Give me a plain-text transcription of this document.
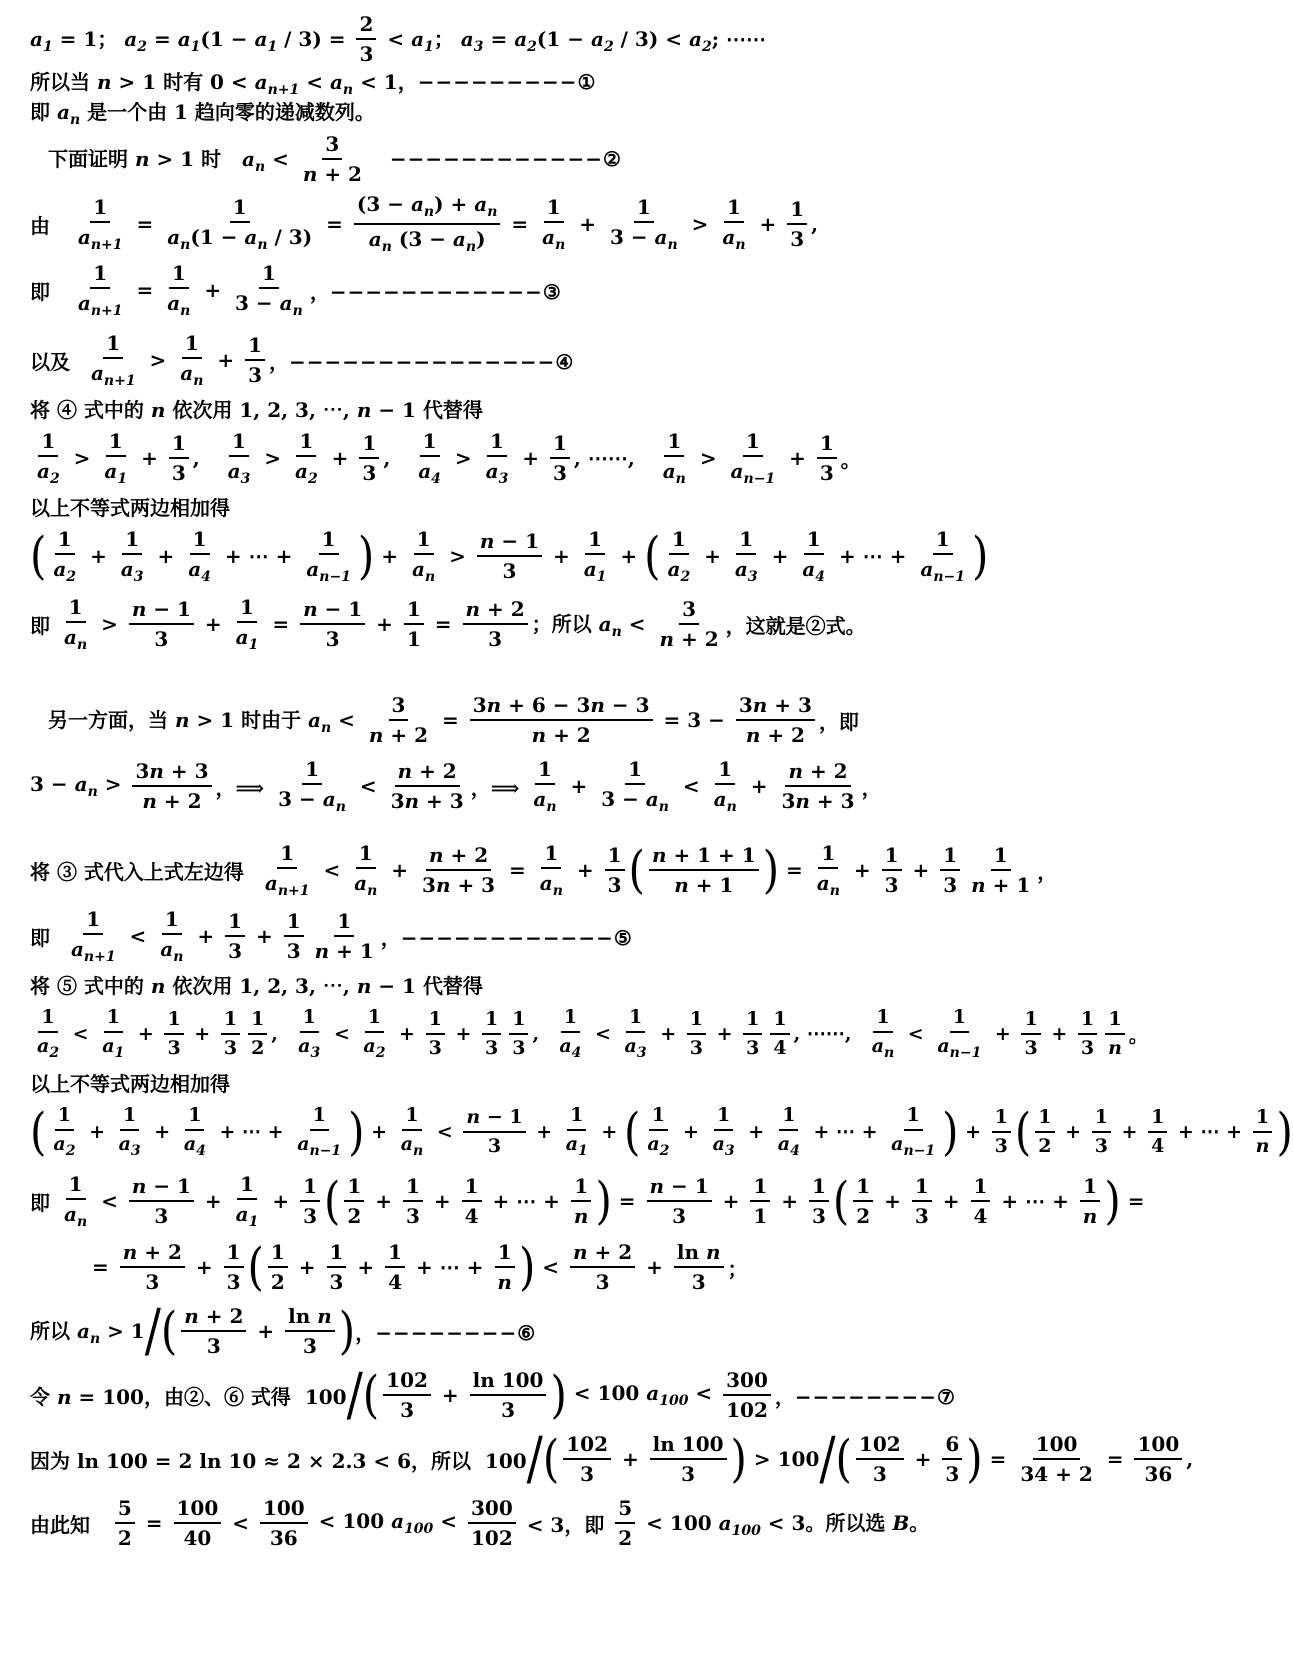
$a_1 = 1$； $a_2 = a_1(1 - a_1 / 3) = \frac{2}{3} < a_1$； $a_3 = a_2(1 - a_2 / 3) < a_2$; ⋯⋯
所以当 n > 1 时有 $0 < a_{n+1} < a_n < 1$，−−−−−−−−−①
即 $a_n$ 是一个由 1 趋向零的递减数列。
下面证明 n > 1 时   $a_n < \frac{3}{n + 2}$	−−−−−−−−−−−−②
由 $\frac{1}{a_{n+1}} = \frac{1}{a_n(1 - a_n / 3)} = \frac{(3 - a_n) + a_n}{a_n (3 - a_n)} = \frac{1}{a_n} + \frac{1}{3 - a_n} > \frac{1}{a_n} + \frac{1}{3}$ ,
即 $\frac{1}{a_{n+1}} = \frac{1}{a_n} + \frac{1}{3 - a_n}$ ，−−−−−−−−−−−−③
以及 $\frac{1}{a_{n+1}} > \frac{1}{a_n} + \frac{1}{3}$ ，−−−−−−−−−−−−−−−④
将 ④ 式中的 n 依次用 1, 2, 3, ⋯, n − 1 代替得
$\frac{1}{a_2} > \frac{1}{a_1} + \frac{1}{3}$ , $\frac{1}{a_3} > \frac{1}{a_2} + \frac{1}{3}$ , $\frac{1}{a_4} > \frac{1}{a_3} + \frac{1}{3}$ , ⋯⋯, $\frac{1}{a_n} > \frac{1}{a_{n-1}} + \frac{1}{3}$ 。
以上不等式两边相加得
( $\frac{1}{a_2} + \frac{1}{a_3} + \frac{1}{a_4}$ + ⋯ + $\frac{1}{a_{n-1}}$ ) + $\frac{1}{a_n} > \frac{n - 1}{3} + \frac{1}{a_1}$ + ( $\frac{1}{a_2} + \frac{1}{a_3} + \frac{1}{a_4}$ + ⋯ + $\frac{1}{a_{n-1}}$ )
即 $\frac{1}{a_n} > \frac{n - 1}{3} + \frac{1}{a_1} = \frac{n - 1}{3} + \frac{1}{1} = \frac{n + 2}{3}$ ；所以 $a_n < \frac{3}{n + 2}$ ，这就是②式。
另一方面，当 n > 1 时由于 $a_n < \frac{3}{n + 2} = \frac{3n + 6 - 3n - 3}{n + 2} = 3 - \frac{3n + 3}{n + 2}$ ，即
$3 - a_n > \frac{3n + 3}{n + 2}$ ，⟹ $\frac{1}{3 - a_n} < \frac{n + 2}{3n + 3}$ ，⟹ $\frac{1}{a_n} + \frac{1}{3 - a_n} < \frac{1}{a_n} + \frac{n + 2}{3n + 3}$ ，
将 ③ 式代入上式左边得 $\frac{1}{a_{n+1}} < \frac{1}{a_n} + \frac{n + 2}{3n + 3} = \frac{1}{a_n} + \frac{1}{3}$ ( $\frac{n + 1 + 1}{n + 1}$ ) = $\frac{1}{a_n} + \frac{1}{3} + \frac{1}{3} \frac{1}{n + 1}$ ，
即 $\frac{1}{a_{n+1}} < \frac{1}{a_n} + \frac{1}{3} + \frac{1}{3} \frac{1}{n + 1}$ ，−−−−−−−−−−−−⑤
将 ⑤ 式中的 n 依次用 1, 2, 3, ⋯, n − 1 代替得
$\frac{1}{a_2} < \frac{1}{a_1} + \frac{1}{3} + \frac{1}{3} \frac{1}{2}$ , $\frac{1}{a_3} < \frac{1}{a_2} + \frac{1}{3} + \frac{1}{3} \frac{1}{3}$ , $\frac{1}{a_4} < \frac{1}{a_3} + \frac{1}{3} + \frac{1}{3} \frac{1}{4}$ , ⋯⋯, $\frac{1}{a_n} < \frac{1}{a_{n-1}} + \frac{1}{3} + \frac{1}{3} \frac{1}{n}$ 。
以上不等式两边相加得
( $\frac{1}{a_2} + \frac{1}{a_3} + \frac{1}{a_4}$ + ⋯ + $\frac{1}{a_{n-1}}$ ) + $\frac{1}{a_n} < \frac{n - 1}{3} + \frac{1}{a_1}$ + ( $\frac{1}{a_2} + \frac{1}{a_3} + \frac{1}{a_4}$ + ⋯ + $\frac{1}{a_{n-1}}$ ) + $\frac{1}{3}$ ( $\frac{1}{2} + \frac{1}{3} + \frac{1}{4}$ + ⋯ + $\frac{1}{n}$ )
即 $\frac{1}{a_n} < \frac{n - 1}{3} + \frac{1}{a_1} + \frac{1}{3}$ ( $\frac{1}{2} + \frac{1}{3} + \frac{1}{4}$ + ⋯ + $\frac{1}{n}$ ) = $\frac{n - 1}{3} + \frac{1}{1} + \frac{1}{3}$ ( $\frac{1}{2} + \frac{1}{3} + \frac{1}{4}$ + ⋯ + $\frac{1}{n}$ ) =
= $\frac{n + 2}{3} + \frac{1}{3}$ ( $\frac{1}{2} + \frac{1}{3} + \frac{1}{4}$ + ⋯ + $\frac{1}{n}$ ) < $\frac{n + 2}{3} + \frac{\text{ln n}}{3}$ ；
所以 $a_n > 1$ / ( $\frac{n + 2}{3} + \frac{\text{ln n}}{3}$ ) ，−−−−−−−−⑥
令 n = 100，由②、⑥ 式得  100 / ( $\frac{102}{3} + \frac{\ln 100}{3}$ ) < 100 $a_{100} < \frac{300}{102}$ ，−−−−−−−−⑦
因为 ln 100 = 2 ln 10 ≈ 2 × 2.3 < 6，所以  100 / ( $\frac{102}{3} + \frac{\ln 100}{3}$ ) > 100 / ( $\frac{102}{3} + \frac{6}{3}$ ) = $\frac{100}{34 + 2} = \frac{100}{36}$ ,
由此知 $\frac{5}{2} = \frac{100}{40} < \frac{100}{36} < 100$ $a_{100} < \frac{300}{102} < 3$，即 $\frac{5}{2} < 100$ $a_{100} < 3$。所以选 B。
